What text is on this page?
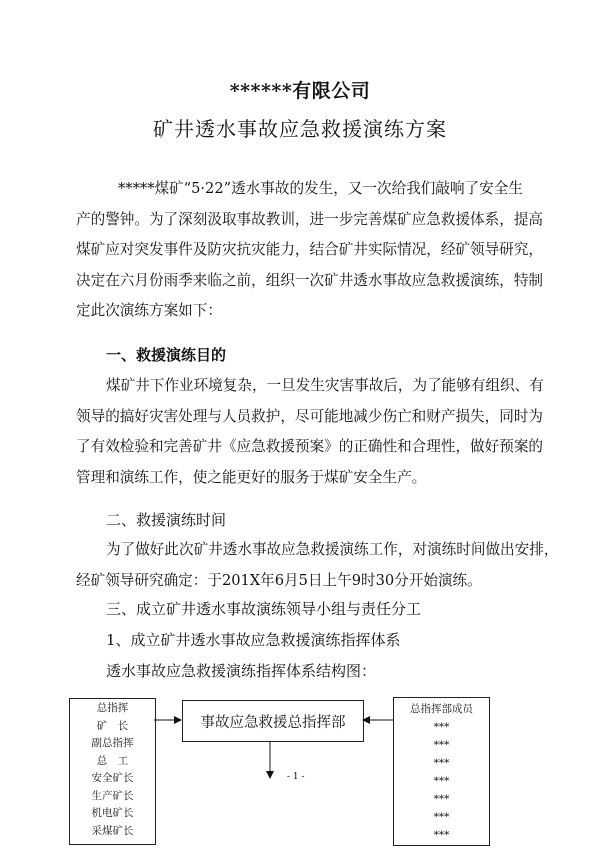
******有限公司
矿井透水事故应急救援演练方案
*****煤矿“5·22”透水事故的发生，又一次给我们敲响了安全生
产的警钟。为了深刻汲取事故教训，进一步完善煤矿应急救援体系，提高
煤矿应对突发事件及防灾抗灾能力，结合矿井实际情况，经矿领导研究，
决定在六月份雨季来临之前，组织一次矿井透水事故应急救援演练，特制
定此次演练方案如下：
一、救援演练目的
煤矿井下作业环境复杂，一旦发生灾害事故后，为了能够有组织、有
领导的搞好灾害处理与人员救护，尽可能地减少伤亡和财产损失，同时为
了有效检验和完善矿井《应急救援预案》的正确性和合理性，做好预案的
管理和演练工作，使之能更好的服务于煤矿安全生产。
二、救援演练时间
为了做好此次矿井透水事故应急救援演练工作，对演练时间做出安排，
经矿领导研究确定：于201X年6月5日上午9时30分开始演练。
三、成立矿井透水事故演练领导小组与责任分工
1、成立矿井透水事故应急救援演练指挥体系
透水事故应急救援演练指挥体系结构图：
总指挥
矿　长
副总指挥
总　工
安全矿长
生产矿长
机电矿长
采煤矿长
事故应急救援总指挥部
总指挥部成员
***
***
***
***
***
***
***
- 1 -
